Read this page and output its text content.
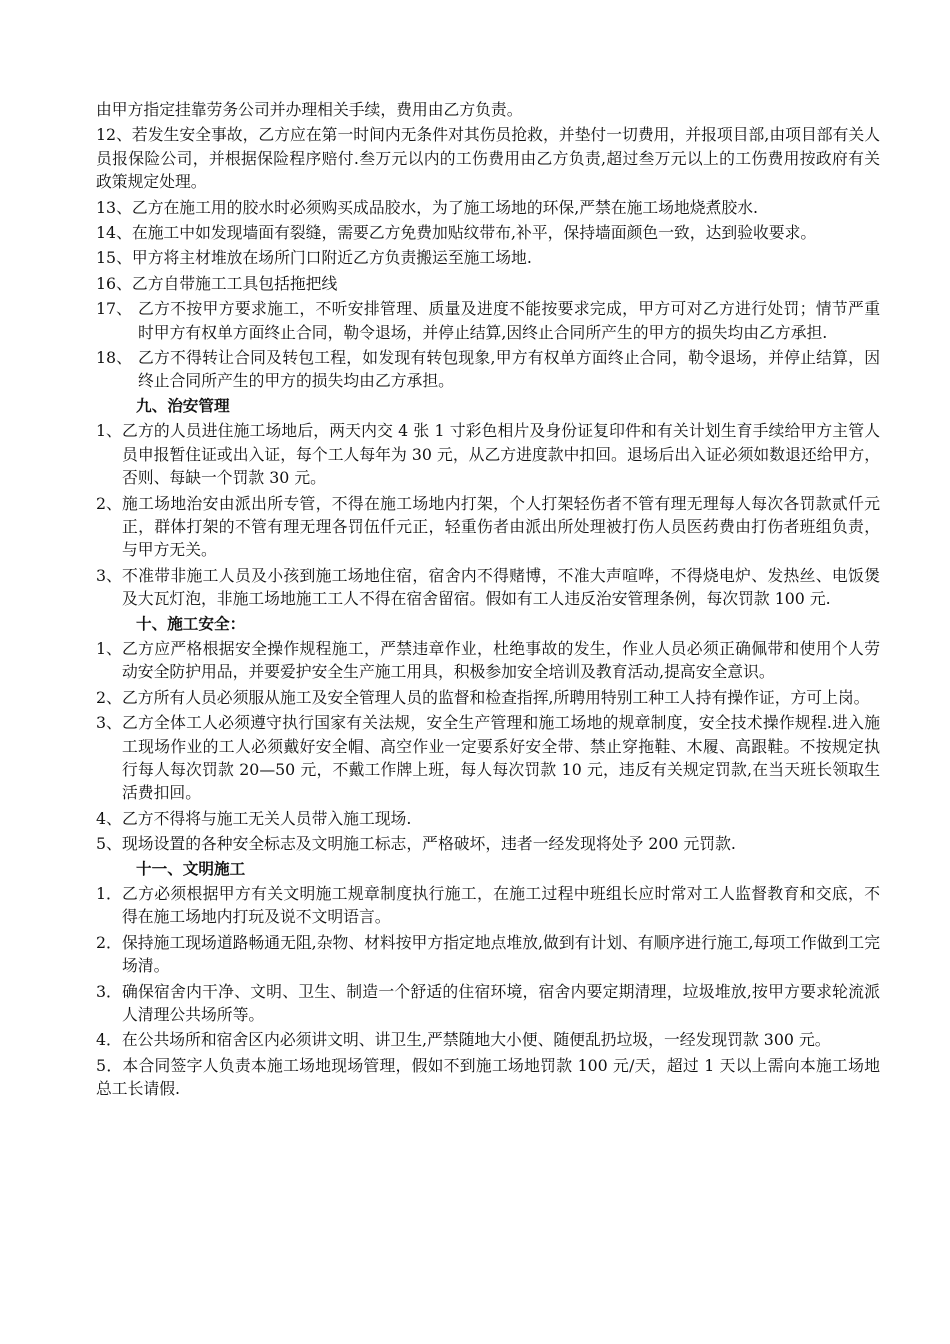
由甲方指定挂靠劳务公司并办理相关手续，费用由乙方负责。

12、若发生安全事故，乙方应在第一时间内无条件对其伤员抢救，并垫付一切费用，并报项目部,由项目部有关人员报保险公司，并根据保险程序赔付.叁万元以内的工伤费用由乙方负责,超过叁万元以上的工伤费用按政府有关政策规定处理。

13、乙方在施工用的胶水时必须购买成品胶水，为了施工场地的环保,严禁在施工场地烧煮胶水.

14、在施工中如发现墙面有裂缝，需要乙方免费加贴纹带布,补平，保持墙面颜色一致，达到验收要求。

15、甲方将主材堆放在场所门口附近乙方负责搬运至施工场地.

16、乙方自带施工工具包括拖把线

17、 乙方不按甲方要求施工，不听安排管理、质量及进度不能按要求完成，甲方可对乙方进行处罚；情节严重时甲方有权单方面终止合同，勒令退场，并停止结算,因终止合同所产生的甲方的损失均由乙方承担.
18、 乙方不得转让合同及转包工程，如发现有转包现象,甲方有权单方面终止合同，勒令退场，并停止结算，因终止合同所产生的甲方的损失均由乙方承担。

九、治安管理

1、 乙方的人员进住施工场地后，两天内交 4 张 1 寸彩色相片及身份证复印件和有关计划生育手续给甲方主管人员申报暂住证或出入证，每个工人每年为 30 元，从乙方进度款中扣回。退场后出入证必须如数退还给甲方，否则、每缺一个罚款 30 元。
2、 施工场地治安由派出所专管，不得在施工场地内打架，个人打架轻伤者不管有理无理每人每次各罚款贰仟元正，群体打架的不管有理无理各罚伍仟元正，轻重伤者由派出所处理被打伤人员医药费由打伤者班组负责，与甲方无关。
3、 不准带非施工人员及小孩到施工场地住宿，宿舍内不得赌博，不准大声喧哗，不得烧电炉、发热丝、电饭煲及大瓦灯泡，非施工场地施工工人不得在宿舍留宿。假如有工人违反治安管理条例，每次罚款 100 元.

十、施工安全：

1、 乙方应严格根据安全操作规程施工，严禁违章作业，杜绝事故的发生，作业人员必须正确佩带和使用个人劳动安全防护用品，并要爱护安全生产施工用具，积极参加安全培训及教育活动,提高安全意识。
2、 乙方所有人员必须服从施工及安全管理人员的监督和检查指挥,所聘用特别工种工人持有操作证，方可上岗。
3、 乙方全体工人必须遵守执行国家有关法规，安全生产管理和施工场地的规章制度，安全技术操作规程.进入施工现场作业的工人必须戴好安全帽、高空作业一定要系好安全带、禁止穿拖鞋、木履、高跟鞋。不按规定执行每人每次罚款 20—50 元，不戴工作牌上班，每人每次罚款 10 元，违反有关规定罚款,在当天班长领取生活费扣回。
4、 乙方不得将与施工无关人员带入施工现场.
5、 现场设置的各种安全标志及文明施工标志，严格破坏，违者一经发现将处予 200 元罚款.

十一、文明施工

1． 乙方必须根据甲方有关文明施工规章制度执行施工，在施工过程中班组长应时常对工人监督教育和交底，不得在施工场地内打玩及说不文明语言。
2． 保持施工现场道路畅通无阻,杂物、材料按甲方指定地点堆放,做到有计划、有顺序进行施工,每项工作做到工完场清。
3． 确保宿舍内干净、文明、卫生、制造一个舒适的住宿环境，宿舍内要定期清理，垃圾堆放,按甲方要求轮流派人清理公共场所等。

4．在公共场所和宿舍区内必须讲文明、讲卫生,严禁随地大小便、随便乱扔垃圾，一经发现罚款 300 元。

5．本合同签字人负责本施工场地现场管理，假如不到施工场地罚款 100 元/天，超过 1 天以上需向本施工场地总工长请假.
